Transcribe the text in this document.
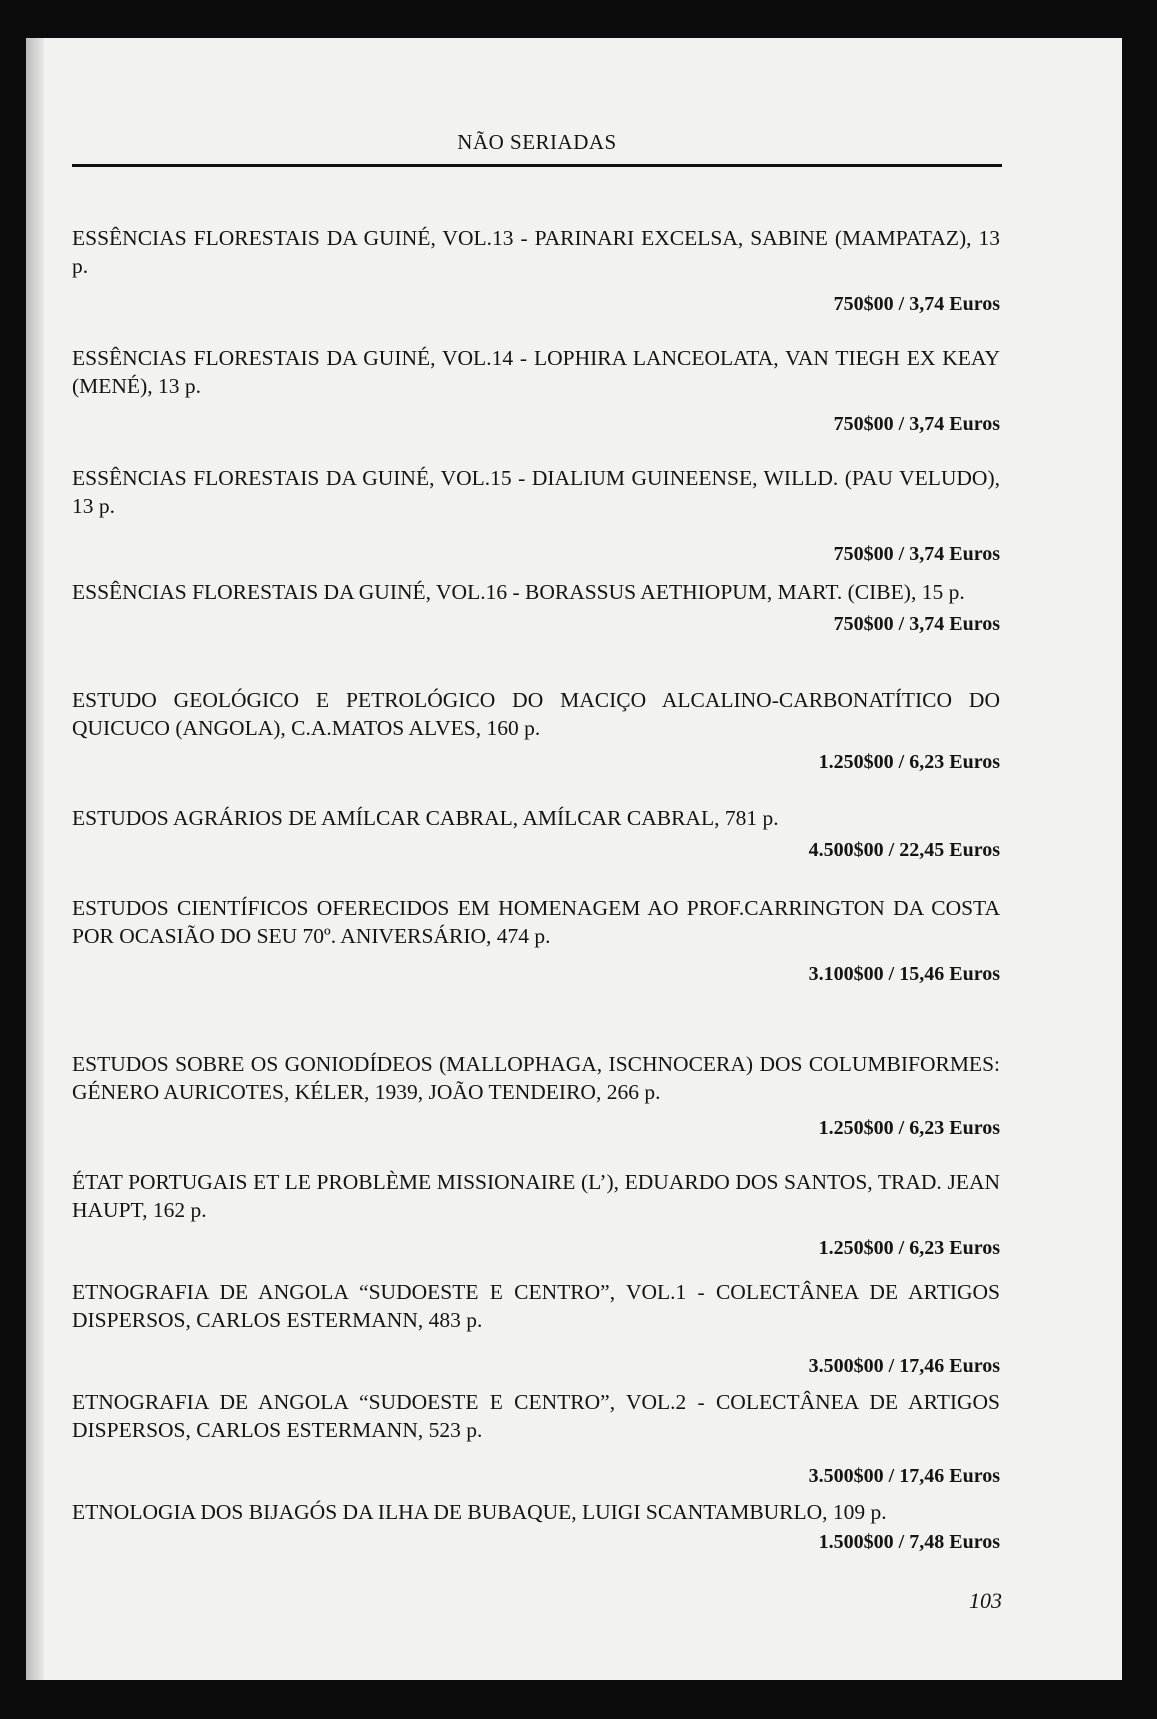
NÃO SERIADAS

ESSÊNCIAS FLORESTAIS DA GUINÉ, VOL.13 - PARINARI EXCELSA, SABINE (MAMPATAZ), 13 p.

750$00 / 3,74 Euros

ESSÊNCIAS FLORESTAIS DA GUINÉ, VOL.14 - LOPHIRA LANCEOLATA, VAN TIEGH EX KEAY (MENÉ), 13 p.

750$00 / 3,74 Euros

ESSÊNCIAS FLORESTAIS DA GUINÉ, VOL.15 - DIALIUM GUINEENSE, WILLD. (PAU VELUDO), 13 p.

750$00 / 3,74 Euros

ESSÊNCIAS FLORESTAIS DA GUINÉ, VOL.16 - BORASSUS AETHIOPUM, MART. (CIBE), 15 p.

750$00 / 3,74 Euros

ESTUDO GEOLÓGICO E PETROLÓGICO DO MACIÇO ALCALINO-CARBONATÍTICO DO QUICUCO (ANGOLA), C.A.MATOS ALVES, 160 p.

1.250$00 / 6,23 Euros

ESTUDOS AGRÁRIOS DE AMÍLCAR CABRAL, AMÍLCAR CABRAL, 781 p.

4.500$00 / 22,45 Euros

ESTUDOS CIENTÍFICOS OFERECIDOS EM HOMENAGEM AO PROF.CARRINGTON DA COSTA POR OCASIÃO DO SEU 70º. ANIVERSÁRIO, 474 p.

3.100$00 / 15,46 Euros

ESTUDOS SOBRE OS GONIODÍDEOS (MALLOPHAGA, ISCHNOCERA) DOS COLUMBIFORMES: GÉNERO AURICOTES, KÉLER, 1939, JOÃO TENDEIRO, 266 p.

1.250$00 / 6,23 Euros

ÉTAT PORTUGAIS ET LE PROBLÈME MISSIONAIRE (L’), EDUARDO DOS SANTOS, TRAD. JEAN HAUPT, 162 p.

1.250$00 / 6,23 Euros

ETNOGRAFIA DE ANGOLA “SUDOESTE E CENTRO”, VOL.1 - COLECTÂNEA DE ARTIGOS DISPERSOS, CARLOS ESTERMANN, 483 p.

3.500$00 / 17,46 Euros

ETNOGRAFIA DE ANGOLA “SUDOESTE E CENTRO”, VOL.2 - COLECTÂNEA DE ARTIGOS DISPERSOS, CARLOS ESTERMANN, 523 p.

3.500$00 / 17,46 Euros

ETNOLOGIA DOS BIJAGÓS DA ILHA DE BUBAQUE, LUIGI SCANTAMBURLO, 109 p.

1.500$00 / 7,48 Euros

103
